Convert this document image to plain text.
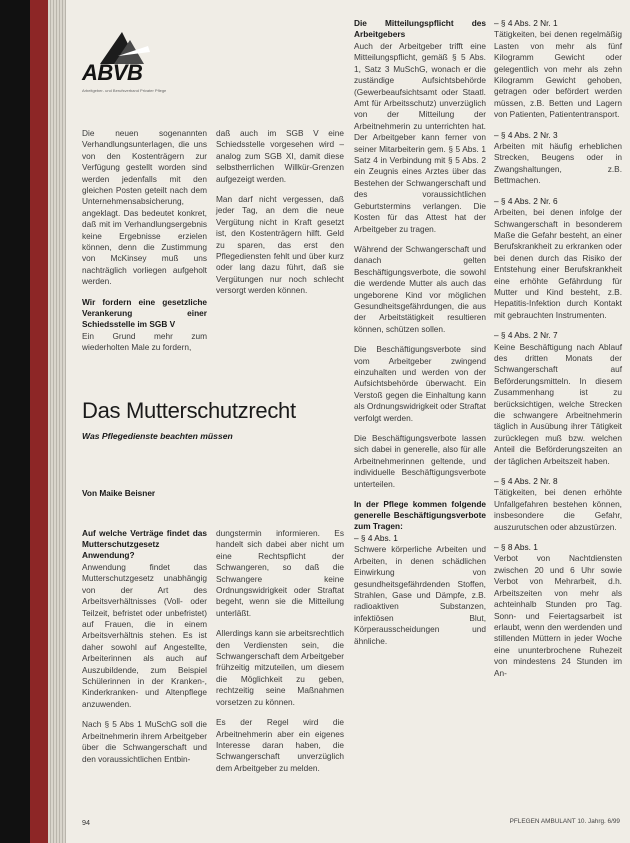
ABVB
Arbeitgeber- und Berufsverband Privater Pflege

Die neuen sogenannten Verhandlungsunterlagen, die uns von den Kostenträgern zur Verfügung gestellt worden sind werden jedenfalls mit den gleichen Posten geteilt nach dem Unternehmensabsicherung, angeklagt. Das bedeutet konkret, daß mit im Verhandlungsergebnis keine Ergebnisse erzielen können, denn die Zustimmung von McKinsey muß uns nachträglich vorliegen aufgeholt werden.

Wir fordern eine gesetzliche Verankerung einer Schiedsstelle im SGB V

Ein Grund mehr zum wiederholten Male zu fordern,

daß auch im SGB V eine Schiedsstelle vorgesehen wird – analog zum SGB XI, damit diese selbstherrlichen Willkür-Grenzen aufgezeigt werden.

Man darf nicht vergessen, daß jeder Tag, an dem die neue Vergütung nicht in Kraft gesetzt ist, den Kostenträgern hilft. Geld zu sparen, das erst den Pflegediensten fehlt und über kurz oder lang dazu führt, daß sie Vergütungen nur noch schlecht versorgt werden können.

Das Mutterschutzrecht
Was Pflegedienste beachten müssen
Von Maike Beisner
Auf welche Verträge findet das Mutterschutzgesetz Anwendung?

Anwendung findet das Mutterschutzgesetz unabhängig von der Art des Arbeitsverhältnisses (Voll- oder Teilzeit, befristet oder unbefristet) auf Frauen, die in einem Arbeitsverhältnis stehen. Es ist daher sowohl auf Angestellte, Arbeiterinnen als auch auf Auszubildende, zum Beispiel Schülerinnen in der Kranken-, Kinderkranken- und Altenpflege anzuwenden.

Nach § 5 Abs 1 MuSchG soll die Arbeitnehmerin ihrem Arbeitgeber über die Schwangerschaft und den voraussichtlichen Entbin-

dungstermin informieren. Es handelt sich dabei aber nicht um eine Rechtspflicht der Schwangeren, so daß die Schwangere keine Ordnungswidrigkeit oder Straftat begeht, wenn sie die Mitteilung unterläßt.

Allerdings kann sie arbeitsrechtlich den Verdiensten sein, die Schwangerschaft dem Arbeitgeber frühzeitig mitzuteilen, um diesem die Möglichkeit zu geben, rechtzeitig seine Maßnahmen vorsetzen zu können.

Es der Regel wird die Arbeitnehmerin aber ein eigenes Interesse daran haben, die Schwangerschaft unverzüglich dem Arbeitgeber zu melden.

Die Mitteilungspflicht des Arbeitgebers

Auch der Arbeitgeber trifft eine Mitteilungspflicht, gemäß § 5 Abs. 1, Satz 3 MuSchG, wonach er die zuständige Aufsichtsbehörde (Gewerbeaufsichtsamt oder Staatl. Amt für Arbeitsschutz) unverzüglich von der Mitteilung der Arbeitnehmerin zu unterrichten hat. Der Arbeitgeber kann ferner von seiner Mitarbeiterin gem. § 5 Abs. 1 Satz 4 in Verbindung mit § 5 Abs. 2 ein Zeugnis eines Arztes über das Bestehen der Schwangerschaft und des voraussichtlichen Geburtstermins verlangen. Die Kosten für das Attest hat der Arbeitgeber zu tragen.

Während der Schwangerschaft und danach gelten Beschäftigungsverbote, die sowohl die werdende Mutter als auch das ungeborene Kind vor möglichen Gesundheitsgefährdungen, die aus der Arbeitstätigkeit resultieren können, schützen sollen.

Die Beschäftigungsverbote sind vom Arbeitgeber zwingend einzuhalten und werden von der Aufsichtsbehörde überwacht. Ein Verstoß gegen die Einhaltung kann als Ordnungswidrigkeit oder Straftat verfolgt werden.

Die Beschäftigungsverbote lassen sich dabei in generelle, also für alle Arbeitnehmerinnen geltende, und individuelle Beschäftigungsverbote unterteilen.

In der Pflege kommen folgende generelle Beschäftigungsverbote zum Tragen:
– § 4 Abs. 1
Schwere körperliche Arbeiten und Arbeiten, in denen schädlichen Einwirkung von gesundheitsgefährdenden Stoffen, Strahlen, Gase und Dämpfe, z.B. radioaktiven Substanzen, infektiösen Blut, Körperausscheidungen und ähnliche.
– § 4 Abs. 2 Nr. 1
Tätigkeiten, bei denen regelmäßig Lasten von mehr als fünf Kilogramm Gewicht oder gelegentlich von mehr als zehn Kilogramm Gewicht gehoben, getragen oder befördert werden müssen, z.B. Betten und Lagern von Patienten, Patiententransport.
– § 4 Abs. 2 Nr. 3
Arbeiten mit häufig erheblichen Strecken, Beugens oder in Zwangshaltungen, z.B. Bettmachen.
– § 4 Abs. 2 Nr. 6
Arbeiten, bei denen infolge der Schwangerschaft in besonderem Maße die Gefahr besteht, an einer Berufskrankheit zu erkranken oder bei denen durch das Risiko der Entstehung einer Berufskrankheit eine erhöhte Gefährdung für Mutter und Kind besteht, z.B. Hepatitis-Infektion durch Kontakt mit gebrauchten Instrumenten.
– § 4 Abs. 2 Nr. 7
Keine Beschäftigung nach Ablauf des dritten Monats der Schwangerschaft auf Beförderungsmitteln. In diesem Zusammenhang ist zu berücksichtigen, welche Strecken die schwangere Arbeitnehmerin täglich in Ausübung ihrer Tätigkeit zurücklegen muß bzw. welchen Anteil die Beförderungszeiten an der täglichen Arbeitszeit haben.
– § 4 Abs. 2 Nr. 8
Tätigkeiten, bei denen erhöhte Unfallgefahren bestehen können, insbesondere die Gefahr, auszurutschen oder abzustürzen.
– § 8 Abs. 1
Verbot von Nachtdiensten zwischen 20 und 6 Uhr sowie Verbot von Mehrarbeit, d.h. Arbeitszeiten von mehr als achteinhalb Stunden pro Tag. Sonn- und Feiertagsarbeit ist erlaubt, wenn den werdenden und stillenden Müttern in jeder Woche eine ununterbrochene Ruhezeit von mindestens 24 Stunden im An-
94	PFLEGEN AMBULANT 10. Jahrg. 6/99
